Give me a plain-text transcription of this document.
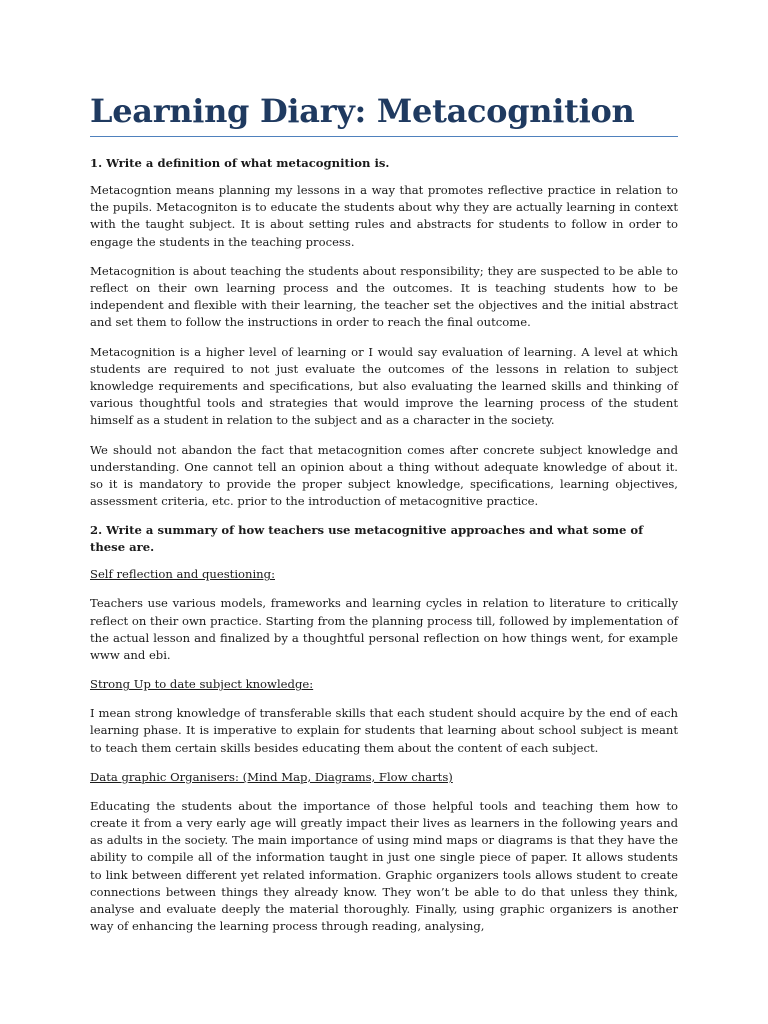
Learning Diary: Metacognition

1. Write a definition of what metacognition is.

Metacogntion means planning my lessons in a way that promotes reflective practice in relation to the pupils. Metacogniton is to educate the students about why they are actually learning in context with the taught subject. It is about setting rules and abstracts for students to follow in order to engage the students in the teaching process.

Metacognition is about teaching the students about responsibility; they are suspected to be able to reflect on their own learning process and the outcomes. It is teaching students how to be independent and flexible with their learning, the teacher set the objectives and the initial abstract and set them to follow the instructions in order to reach the final outcome.

Metacognition is a higher level of learning or I would say evaluation of learning. A level at which students are required to not just evaluate the outcomes of the lessons in relation to subject knowledge requirements and specifications, but also evaluating the learned skills and thinking of various thoughtful tools and strategies that would improve the learning process of the student himself as a student in relation to the subject and as a character in the society.

We should not abandon the fact that metacognition comes after concrete subject knowledge and understanding. One cannot tell an opinion about a thing without adequate knowledge of about it. so it is mandatory to provide the proper subject knowledge, specifications, learning objectives, assessment criteria, etc. prior to the introduction of metacognitive practice.

2. Write a summary of how teachers use metacognitive approaches and what some of these are.

Self reflection and questioning:

Teachers use various models, frameworks and learning cycles in relation to literature to critically reflect on their own practice. Starting from the planning process till, followed by implementation of the actual lesson and finalized by a thoughtful personal reflection on how things went, for example www and ebi.

Strong Up to date subject knowledge:

I mean strong knowledge of transferable skills that each student should acquire by the end of each learning phase. It is imperative to explain for students that learning about school subject is meant to teach them certain skills besides educating them about the content of each subject.

Data graphic Organisers: (Mind Map, Diagrams, Flow charts)

Educating the students about the importance of those helpful tools and teaching them how to create it from a very early age will greatly impact their lives as learners in the following years and as adults in the society. The main importance of using mind maps or diagrams is that they have the ability to compile all of the information taught in just one single piece of paper. It allows students to link between different yet related information. Graphic organizers tools allows student to create connections between things they already know. They won’t be able to do that unless they think, analyse and evaluate deeply the material thoroughly. Finally, using graphic organizers is another way of enhancing the learning process through reading, analysing,
